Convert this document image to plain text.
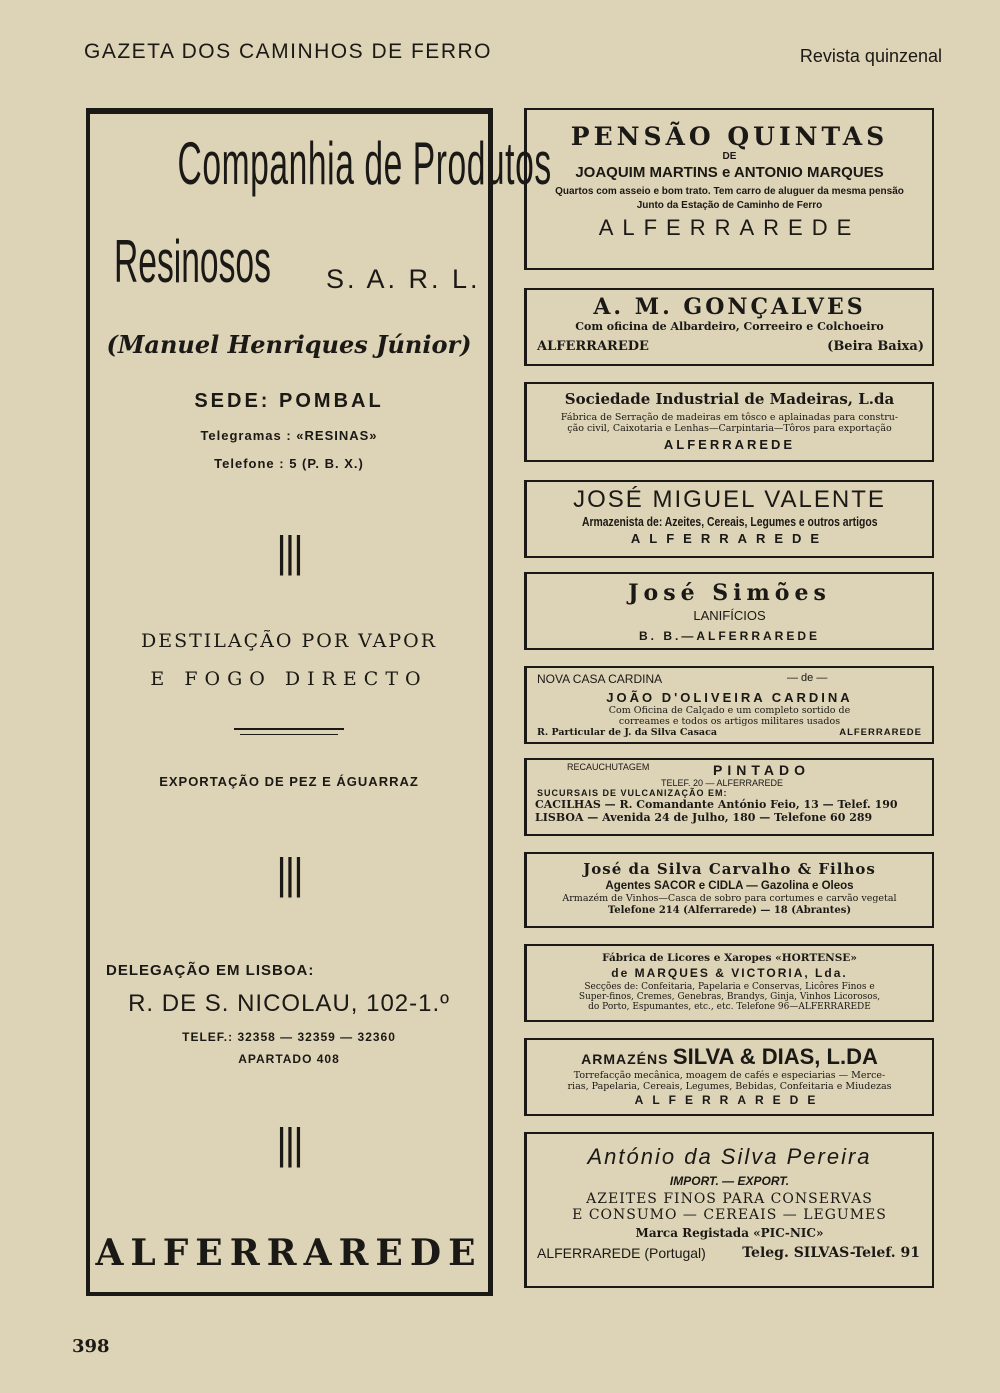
GAZETA DOS CAMINHOS DE FERRO	Revista quinzenal
Companhia de Produtos
Resinosos S. A. R. L.
(Manuel Henriques Júnior)
SEDE: POMBAL
Telegramas : «RESINAS»
Telefone : 5 (P. B. X.)
|||
DESTILAÇÃO POR VAPOR
E FOGO DIRECTO
EXPORTAÇÃO DE PEZ E ÁGUARRAZ
|||
DELEGAÇÃO EM LISBOA:
R. DE S. NICOLAU, 102-1.º
TELEF.: 32358 — 32359 — 32360
APARTADO 408
|||
ALFERRAREDE
PENSÃO QUINTAS
DE
JOAQUIM MARTINS e ANTONIO MARQUES
Quartos com asseio e bom trato. Tem carro de aluguer da mesma pensão
Junto da Estação de Caminho de Ferro
ALFERRAREDE
A. M. GONÇALVES
Com oficina de Albardeiro, Correeiro e Colchoeiro
ALFERRAREDE	(Beira Baixa)
Sociedade Industrial de Madeiras, L.da
Fábrica de Serração de madeiras em tôsco e aplainadas para constru-
ção civil, Caixotaria e Lenhas—Carpintaria—Tôros para exportação
ALFERRAREDE
JOSÉ MIGUEL VALENTE
Armazenista de: Azeites, Cereais, Legumes e outros artigos
ALFERRAREDE
José Simões
LANIFÍCIOS
B. B.—ALFERRAREDE
NOVA CASA CARDINA	— de —
JOÃO D'OLIVEIRA CARDINA
Com Oficina de Calçado e um completo sortido de
correames e todos os artigos militares usados
R. Particular de J. da Silva Casaca	ALFERRAREDE
RECAUCHUTAGEM	PINTADO
TELEF. 20 — ALFERRAREDE
SUCURSAIS DE VULCANIZAÇÃO EM:
CACILHAS — R. Comandante António Feio, 13 — Telef. 190
LISBOA — Avenida 24 de Julho, 180 — Telefone 60 289
José da Silva Carvalho & Filhos
Agentes SACOR e CIDLA — Gazolina e Oleos
Armazém de Vinhos—Casca de sobro para cortumes e carvão vegetal
Telefone 214 (Alferrarede) — 18 (Abrantes)
Fábrica de Licores e Xaropes «HORTENSE»
de MARQUES & VICTORIA, Lda.
Secções de: Confeitaria, Papelaria e Conservas, Licôres Finos e
Super-finos, Cremes, Genebras, Brandys, Ginja, Vinhos Licorosos,
do Porto, Espumantes, etc., etc. Telefone 96—ALFERRAREDE
ARMAZÉNS SILVA & DIAS, L.DA
Torrefacção mecânica, moagem de cafés e especiarias — Merce-
rias, Papelaria, Cereais, Legumes, Bebidas, Confeitaria e Miudezas
ALFERRAREDE
António da Silva Pereira
IMPORT. — EXPORT.
AZEITES FINOS PARA CONSERVAS
E CONSUMO — CEREAIS — LEGUMES
Marca Registada «PIC-NIC»
ALFERRAREDE (Portugal)	Teleg. SILVAS-Telef. 91
398
